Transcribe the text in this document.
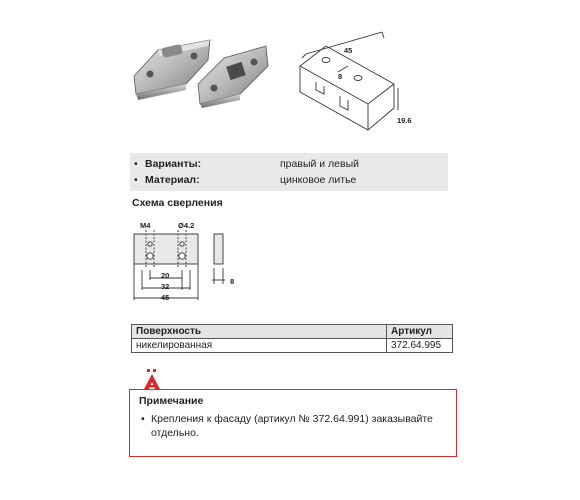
45
8
19.6
• Варианты:	правый и левый
• Материал:	цинковое литье
Схема сверления
M4	Ø4.2
20
32
45
8
Поверхность	Артикул
никелированная	372.64.995
Примечание
• Крепления к фасаду (артикул № 372.64.991) заказывайте отдельно.
